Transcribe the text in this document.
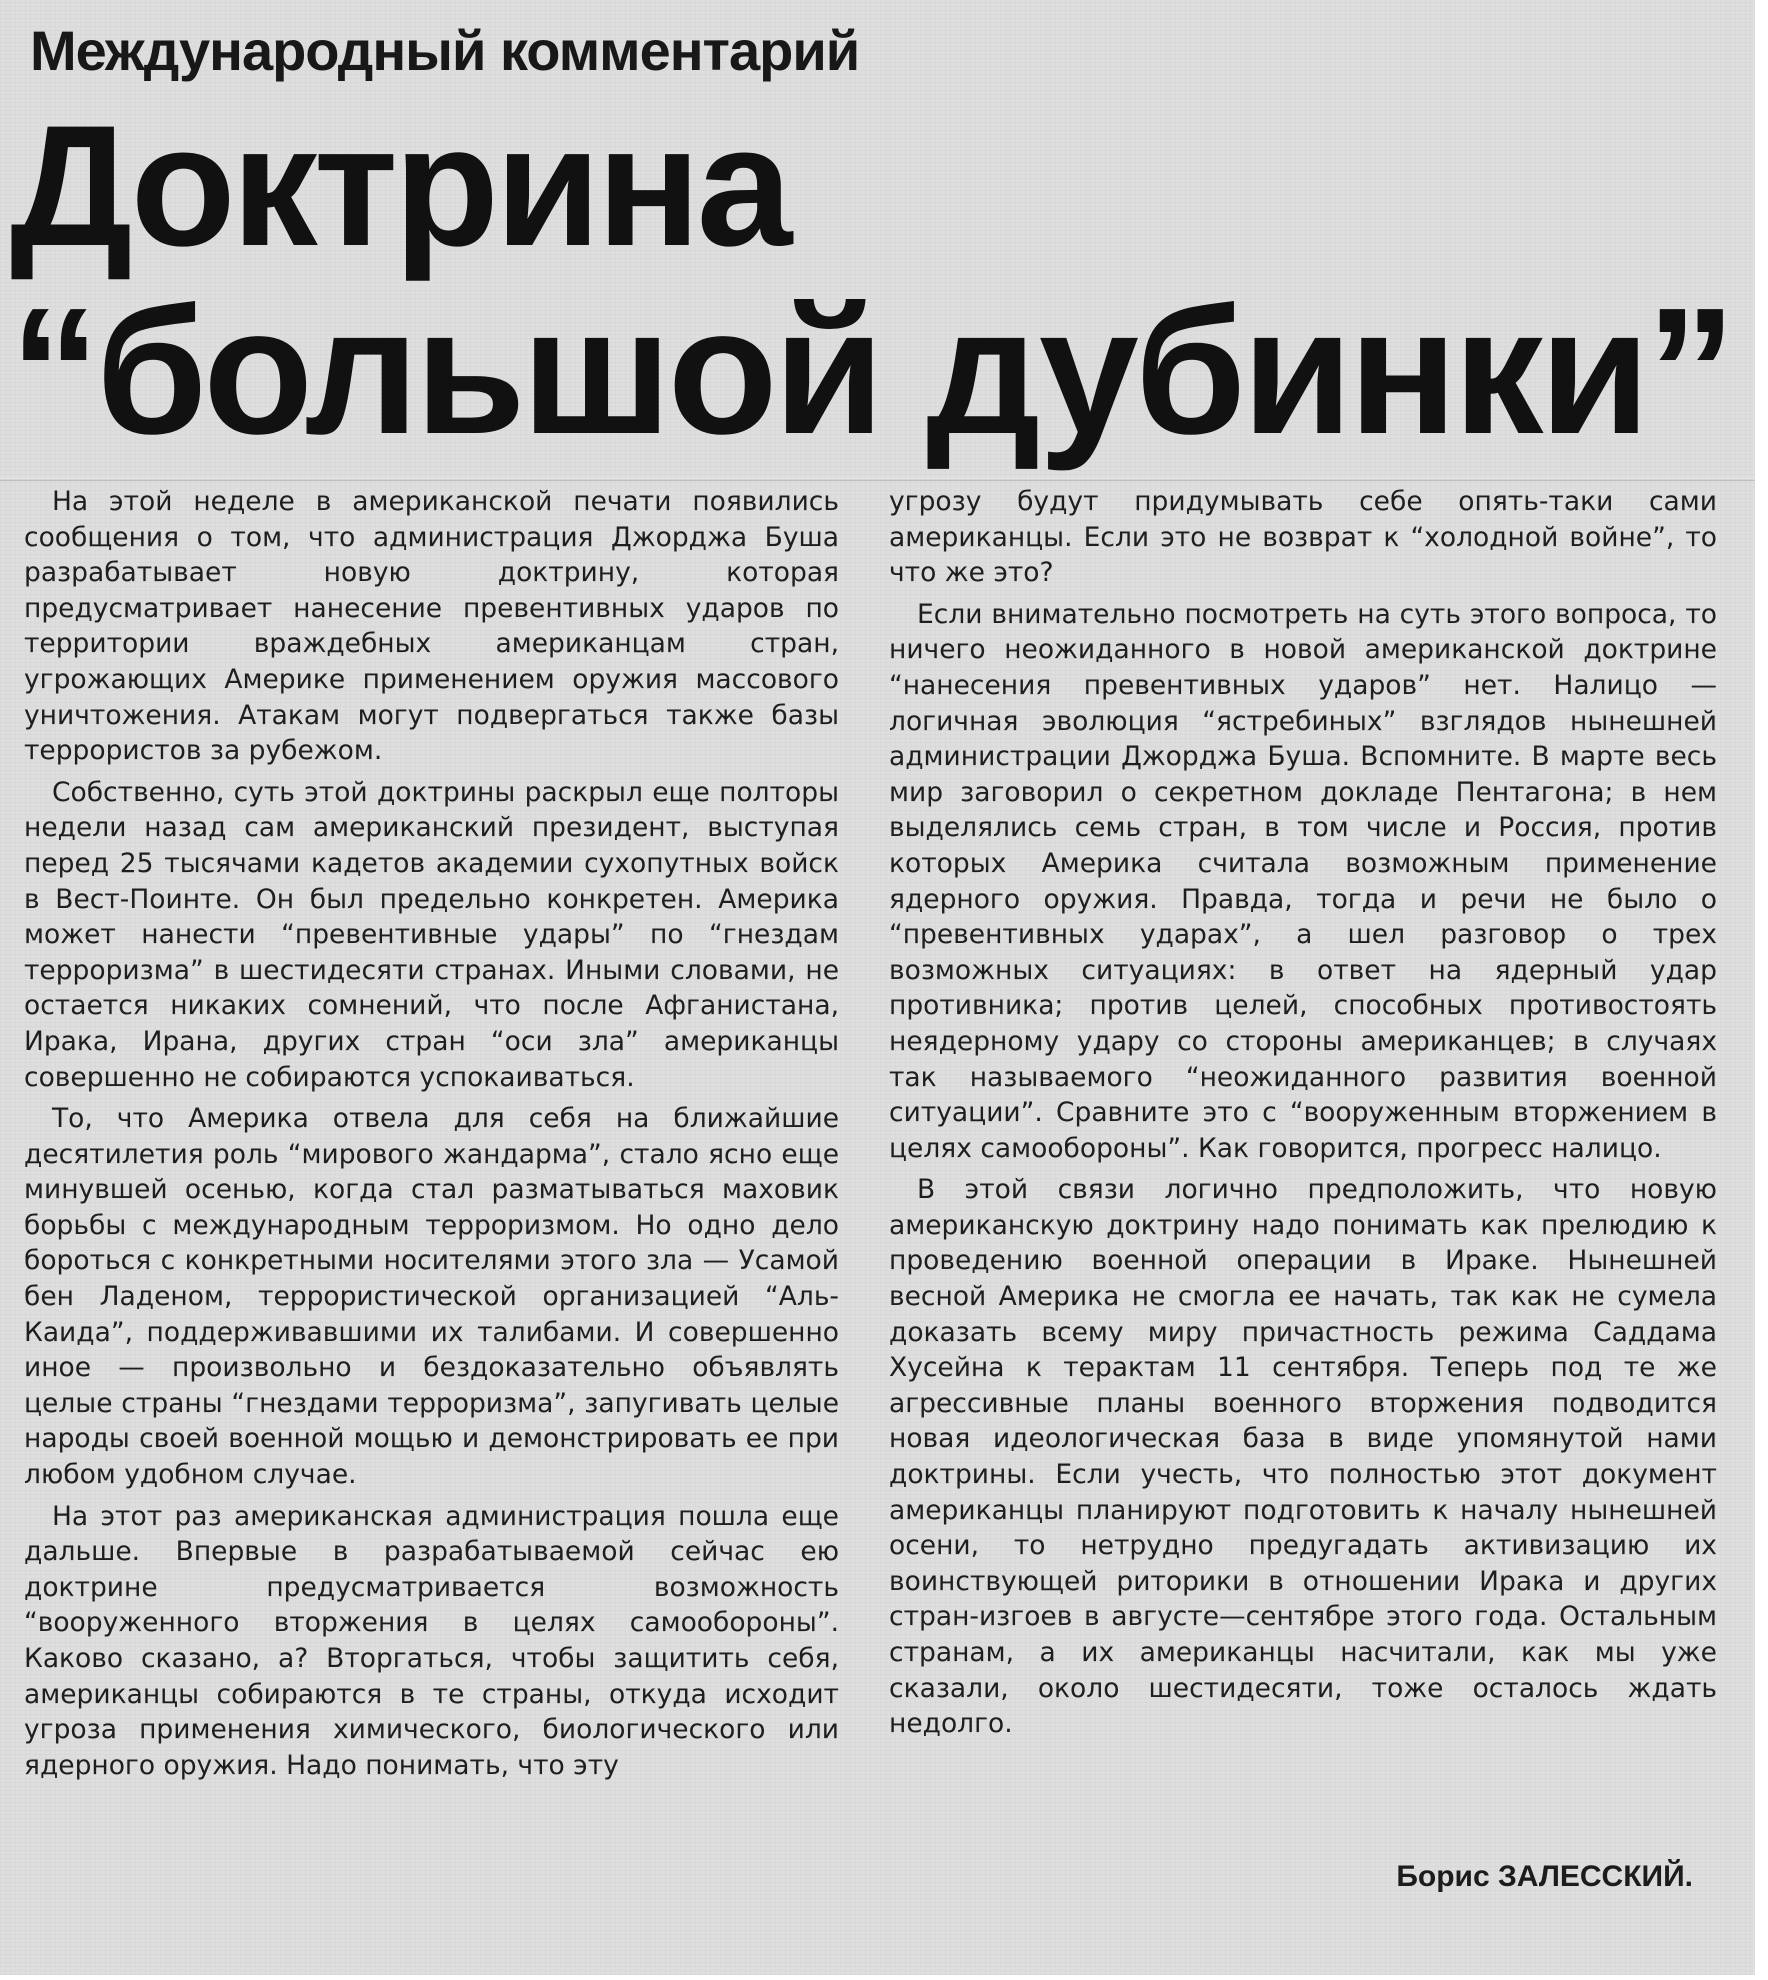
Международный комментарий
Доктрина
“большой дубинки”

На этой неделе в американской печати появились сообщения о том, что администрация Джорджа Буша разрабатывает новую доктрину, которая предусматривает нанесение превентивных ударов по территории враждебных американцам стран, угрожающих Америке применением оружия массового уничтожения. Атакам могут подвергаться также базы террористов за рубежом.

Собственно, суть этой доктрины раскрыл еще полторы недели назад сам американский президент, выступая перед 25 тысячами кадетов академии сухопутных войск в Вест-Поинте. Он был предельно конкретен. Америка может нанести “превентивные удары” по “гнездам терроризма” в шестидесяти странах. Иными словами, не остается никаких сомнений, что после Афганистана, Ирака, Ирана, других стран “оси зла” американцы совершенно не собираются успокаиваться.

То, что Америка отвела для себя на ближайшие десятилетия роль “мирового жандарма”, стало ясно еще минувшей осенью, когда стал разматываться маховик борьбы с международным терроризмом. Но одно дело бороться с конкретными носителями этого зла — Усамой бен Ладеном, террористической организацией “Аль-Каида”, поддерживавшими их талибами. И совершенно иное — произвольно и бездоказательно объявлять целые страны “гнездами терроризма”, запугивать целые народы своей военной мощью и демонстрировать ее при любом удобном случае.

На этот раз американская администрация пошла еще дальше. Впервые в разрабатываемой сейчас ею доктрине предусматривается возможность “вооруженного вторжения в целях самообороны”. Каково сказано, а? Вторгаться, чтобы защитить себя, американцы собираются в те страны, откуда исходит угроза применения химического, биологического или ядерного оружия. Надо понимать, что эту

угрозу будут придумывать себе опять-таки сами американцы. Если это не возврат к “холодной войне”, то что же это?

Если внимательно посмотреть на суть этого вопроса, то ничего неожиданного в новой американской доктрине “нанесения превентивных ударов” нет. Налицо — логичная эволюция “ястребиных” взглядов нынешней администрации Джорджа Буша. Вспомните. В марте весь мир заговорил о секретном докладе Пентагона; в нем выделялись семь стран, в том числе и Россия, против которых Америка считала возможным применение ядерного оружия. Правда, тогда и речи не было о “превентивных ударах”, а шел разговор о трех возможных ситуациях: в ответ на ядерный удар противника; против целей, способных противостоять неядерному удару со стороны американцев; в случаях так называемого “неожиданного развития военной ситуации”. Сравните это с “вооруженным вторжением в целях самообороны”. Как говорится, прогресс налицо.

В этой связи логично предположить, что новую американскую доктрину надо понимать как прелюдию к проведению военной операции в Ираке. Нынешней весной Америка не смогла ее начать, так как не сумела доказать всему миру причастность режима Саддама Хусейна к терактам 11 сентября. Теперь под те же агрессивные планы военного вторжения подводится новая идеологическая база в виде упомянутой нами доктрины. Если учесть, что полностью этот документ американцы планируют подготовить к началу нынешней осени, то нетрудно предугадать активизацию их воинствующей риторики в отношении Ирака и других стран-изгоев в августе—сентябре этого года. Остальным странам, а их американцы насчитали, как мы уже сказали, около шестидесяти, тоже осталось ждать недолго.

Борис ЗАЛЕССКИЙ.
